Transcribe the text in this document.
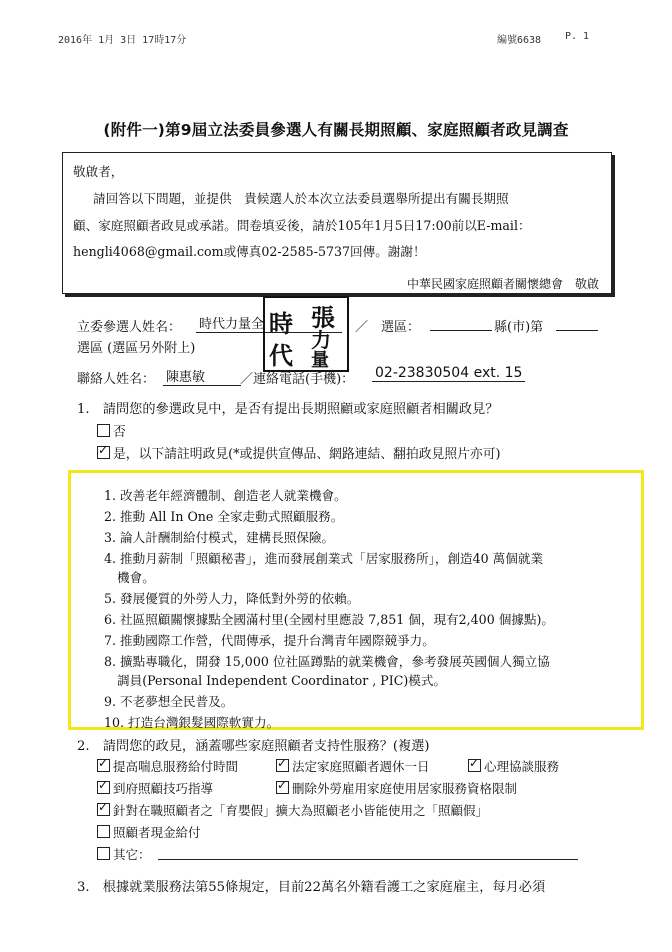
2016年 1月 3日 17時17分	編號6638 P. 1
(附件一)第9屆立法委員參選人有關長期照顧、家庭照顧者政見調查
敬啟者，
請回答以下問題，並提供　貴候選人於本次立法委員選舉所提出有關長期照
顧、家庭照顧者政見或承諾。問卷填妥後，請於105年1月5日17:00前以E-mail：
hengli4068@gmail.com或傳真02-2585-5737回傳。謝謝！
中華民國家庭照顧者關懷總會　敬啟
立委參選人姓名： 時代力量全	／　選區：	縣(市)第
選區 (選區另外附上)
聯絡人姓名： 陳惠敏	／連絡電話(手機)： 02-23830504 ext. 15
時 張
代
力
量
1.　請問您的參選政見中，是否有提出長期照顧或家庭照顧者相關政見？
否
✓是，以下請註明政見(*或提供宣傳品、網路連結、翻拍政見照片亦可)
1. 改善老年經濟體制、創造老人就業機會。
2. 推動 All In One 全家走動式照顧服務。
3. 論人計酬制給付模式，建構長照保險。
4. 推動月薪制「照顧秘書」，進而發展創業式「居家服務所」，創造40 萬個就業
機會。
5. 發展優質的外勞人力，降低對外勞的依賴。
6. 社區照顧關懷據點全國滿村里(全國村里應設 7,851 個，現有2,400 個據點)。
7. 推動國際工作營，代間傳承，提升台灣青年國際競爭力。
8. 擴點專職化，開發 15,000 位社區蹲點的就業機會，參考發展英國個人獨立協
調員(Personal Independent Coordinator , PIC)模式。
9. 不老夢想全民普及。
10. 打造台灣銀髮國際軟實力。
2.　請問您的政見，涵蓋哪些家庭照顧者支持性服務？(複選)
✓提高喘息服務給付時間 ✓	法定家庭照顧者週休一日 ✓	心理協談服務
✓到府照顧技巧指導 ✓	刪除外勞雇用家庭使用居家服務資格限制
✓針對在職照顧者之「育嬰假」擴大為照顧老小皆能使用之「照顧假」
照顧者現金給付
其它：
3.　根據就業服務法第55條規定，目前22萬名外籍看護工之家庭雇主，每月必須
